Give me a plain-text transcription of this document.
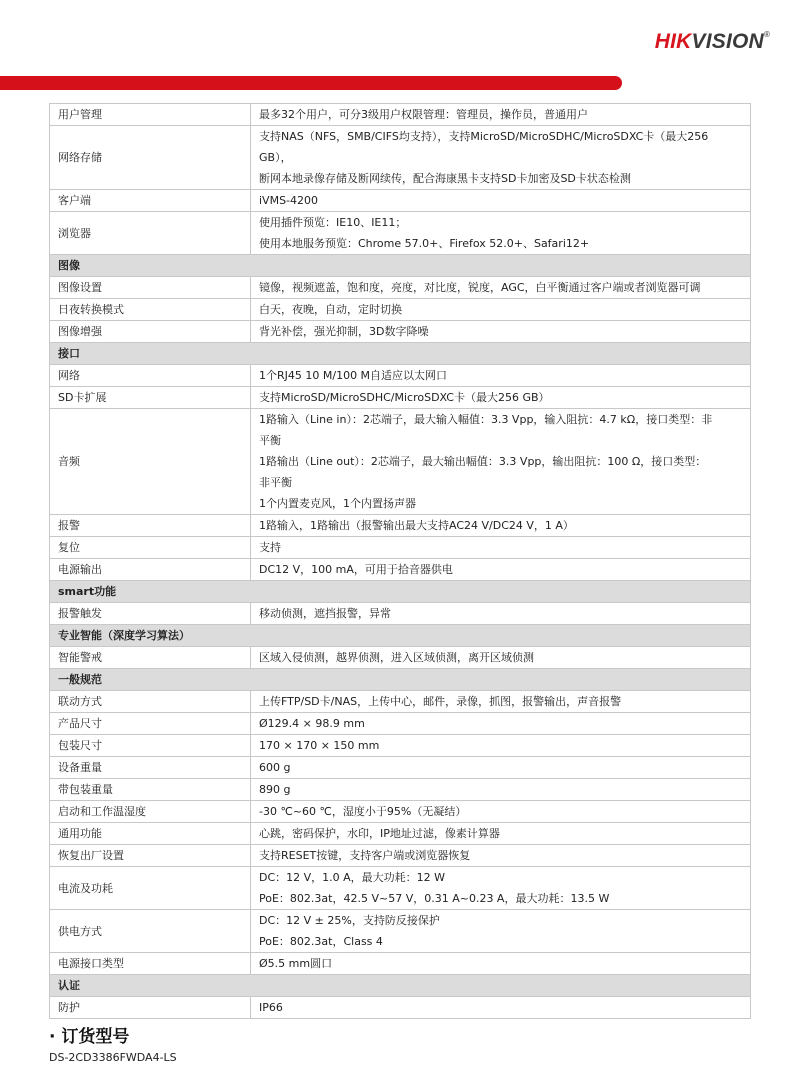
HIKVISION®
用户管理	最多32个用户，可分3级用户权限管理：管理员，操作员，普通用户

网络存储	支持NAS（NFS，SMB/CIFS均支持），支持MicroSD/MicroSDHC/MicroSDXC卡（最大256 GB），
断网本地录像存储及断网续传，配合海康黑卡支持SD卡加密及SD卡状态检测

客户端	iVMS-4200

浏览器	使用插件预览：IE10、IE11；
使用本地服务预览：Chrome 57.0+、Firefox 52.0+、Safari12+

图像	
图像设置	镜像，视频遮盖，饱和度，亮度，对比度，锐度，AGC，白平衡通过客户端或者浏览器可调

日夜转换模式	白天，夜晚，自动，定时切换

图像增强	背光补偿，强光抑制，3D数字降噪

接口	
网络	1个RJ45 10 M/100 M自适应以太网口

SD卡扩展	支持MicroSD/MicroSDHC/MicroSDXC卡（最大256 GB）

音频	1路输入（Line in）：2芯端子，最大输入幅值：3.3 Vpp，输入阻抗：4.7 kΩ，接口类型：非
平衡
1路输出（Line out）：2芯端子，最大输出幅值：3.3 Vpp，输出阻抗：100 Ω，接口类型：
非平衡
1个内置麦克风，1个内置扬声器

报警	1路输入，1路输出（报警输出最大支持AC24 V/DC24 V，1 A）

复位	支持

电源输出	DC12 V，100 mA，可用于拾音器供电

smart功能	
报警触发	移动侦测，遮挡报警，异常

专业智能（深度学习算法）	
智能警戒	区域入侵侦测，越界侦测，进入区域侦测，离开区域侦测

一般规范	
联动方式	上传FTP/SD卡/NAS，上传中心，邮件，录像，抓图，报警输出，声音报警

产品尺寸	Ø129.4 × 98.9 mm

包装尺寸	170 × 170 × 150 mm

设备重量	600 g

带包装重量	890 g

启动和工作温湿度	-30 ℃~60 ℃，湿度小于95%（无凝结）

通用功能	心跳，密码保护，水印，IP地址过滤，像素计算器

恢复出厂设置	支持RESET按键，支持客户端或浏览器恢复

电流及功耗	DC：12 V，1.0 A，最大功耗：12 W
PoE：802.3at，42.5 V~57 V，0.31 A~0.23 A，最大功耗：13.5 W

供电方式	DC：12 V ± 25%，支持防反接保护
PoE：802.3at，Class 4

电源接口类型	Ø5.5 mm圆口

认证	
防护	IP66
· 订货型号
DS-2CD3386FWDA4-LS
